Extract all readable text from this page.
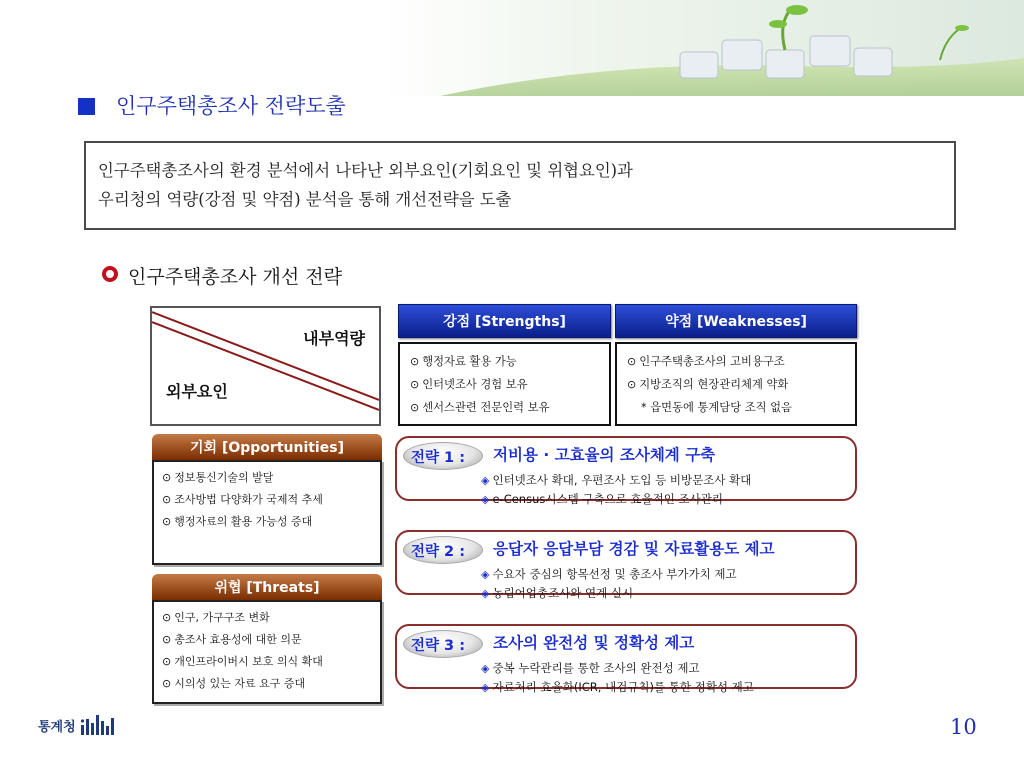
인구주택총조사 전략도출
인구주택총조사의 환경 분석에서 나타난 외부요인(기회요인 및 위협요인)과
우리청의 역량(강점 및 약점) 분석을 통해 개선전략을 도출
인구주택총조사 개선 전략
내부역량
외부요인
강점 [Strengths]
⊙ 행정자료 활용 가능
⊙ 인터넷조사 경험 보유
⊙ 센서스관련 전문인력 보유
약점 [Weaknesses]
⊙ 인구주택총조사의 고비용구조
⊙ 지방조직의 현장관리체계 약화
* 읍면동에 통계담당 조직 없음
기회 [Opportunities]
⊙ 정보통신기술의 발달
⊙ 조사방법 다양화가 국제적 추세
⊙ 행정자료의 활용 가능성 증대
위협 [Threats]
⊙ 인구, 가구구조 변화
⊙ 총조사 효용성에 대한 의문
⊙ 개인프라이버시 보호 의식 확대
⊙ 시의성 있는 자료 요구 증대
전략 1 : 저비용 · 고효율의 조사체계 구축
◈ 인터넷조사 확대, 우편조사 도입 등 비방문조사 확대
◈ e-Census시스템 구축으로 효율적인 조사관리
전략 2 : 응답자 응답부담 경감 및 자료활용도 제고
◈ 수요자 중심의 항목선정 및 총조사 부가가치 제고
◈ 농림어업총조사와 연계 실시
전략 3 : 조사의 완전성 및 정확성 제고
◈ 중복 누락관리를 통한 조사의 완전성 제고
◈ 자료처리 효율화(ICR, 내검규칙)를 통한 정확성 제고
통계청	10
